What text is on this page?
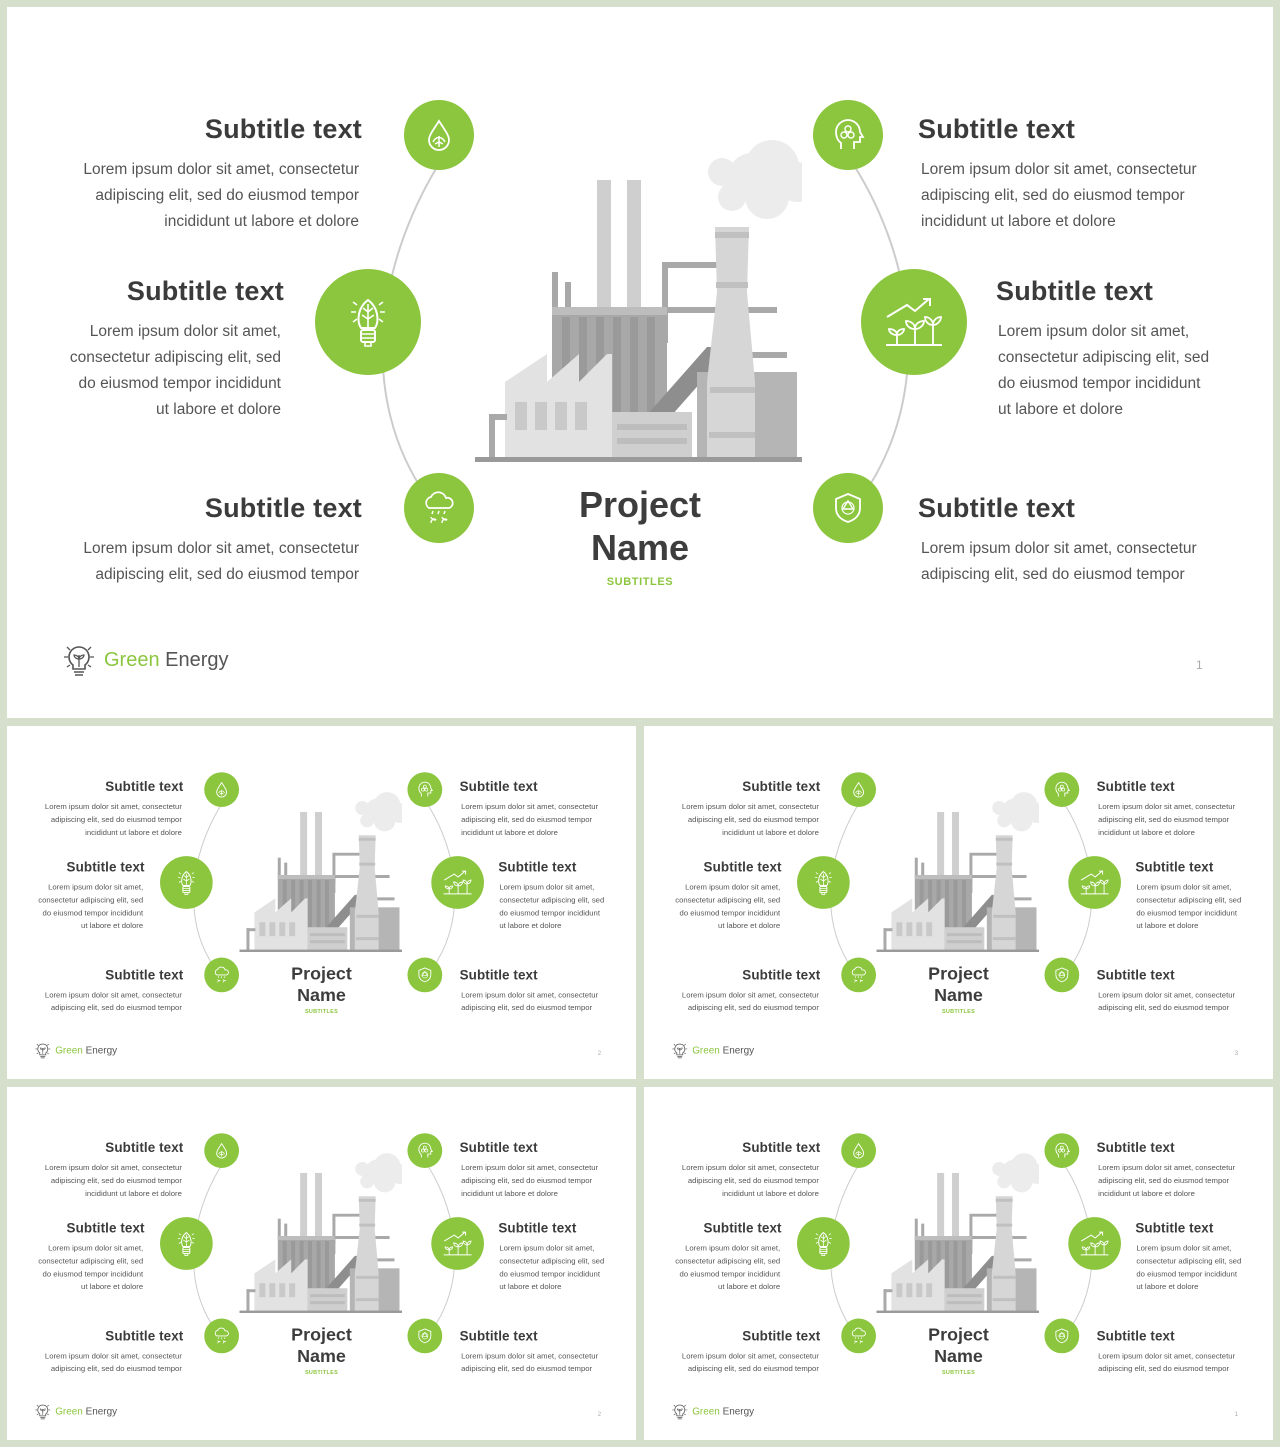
Subtitle text
Lorem ipsum dolor sit amet, consectetur adipiscing elit, sed do eiusmod tempor incididunt ut labore et dolore
Subtitle text
Lorem ipsum dolor sit amet, consectetur adipiscing elit, sed do eiusmod tempor incididunt ut labore et dolore
Subtitle text
Lorem ipsum dolor sit amet, consectetur adipiscing elit, sed do eiusmod tempor
Subtitle text
Lorem ipsum dolor sit amet, consectetur adipiscing elit, sed do eiusmod tempor incididunt ut labore et dolore
Subtitle text
Lorem ipsum dolor sit amet, consectetur adipiscing elit, sed do eiusmod tempor incididunt ut labore et dolore
Subtitle text
Lorem ipsum dolor sit amet, consectetur adipiscing elit, sed do eiusmod tempor
Project
Name
SUBTITLES
Green Energy	1
Subtitle text
Lorem ipsum dolor sit amet, consectetur adipiscing elit, sed do eiusmod tempor incididunt ut labore et dolore
Subtitle text
Lorem ipsum dolor sit amet, consectetur adipiscing elit, sed do eiusmod tempor incididunt ut labore et dolore
Subtitle text
Lorem ipsum dolor sit amet, consectetur adipiscing elit, sed do eiusmod tempor
Subtitle text
Lorem ipsum dolor sit amet, consectetur adipiscing elit, sed do eiusmod tempor incididunt ut labore et dolore
Subtitle text
Lorem ipsum dolor sit amet, consectetur adipiscing elit, sed do eiusmod tempor incididunt ut labore et dolore
Subtitle text
Lorem ipsum dolor sit amet, consectetur adipiscing elit, sed do eiusmod tempor
Project
Name
SUBTITLES
Green Energy	2
Subtitle text
Lorem ipsum dolor sit amet, consectetur adipiscing elit, sed do eiusmod tempor incididunt ut labore et dolore
Subtitle text
Lorem ipsum dolor sit amet, consectetur adipiscing elit, sed do eiusmod tempor incididunt ut labore et dolore
Subtitle text
Lorem ipsum dolor sit amet, consectetur adipiscing elit, sed do eiusmod tempor
Subtitle text
Lorem ipsum dolor sit amet, consectetur adipiscing elit, sed do eiusmod tempor incididunt ut labore et dolore
Subtitle text
Lorem ipsum dolor sit amet, consectetur adipiscing elit, sed do eiusmod tempor incididunt ut labore et dolore
Subtitle text
Lorem ipsum dolor sit amet, consectetur adipiscing elit, sed do eiusmod tempor
Project
Name
SUBTITLES
Green Energy	3
Subtitle text
Lorem ipsum dolor sit amet, consectetur adipiscing elit, sed do eiusmod tempor incididunt ut labore et dolore
Subtitle text
Lorem ipsum dolor sit amet, consectetur adipiscing elit, sed do eiusmod tempor incididunt ut labore et dolore
Subtitle text
Lorem ipsum dolor sit amet, consectetur adipiscing elit, sed do eiusmod tempor
Subtitle text
Lorem ipsum dolor sit amet, consectetur adipiscing elit, sed do eiusmod tempor incididunt ut labore et dolore
Subtitle text
Lorem ipsum dolor sit amet, consectetur adipiscing elit, sed do eiusmod tempor incididunt ut labore et dolore
Subtitle text
Lorem ipsum dolor sit amet, consectetur adipiscing elit, sed do eiusmod tempor
Project
Name
SUBTITLES
Green Energy	2
Subtitle text
Lorem ipsum dolor sit amet, consectetur adipiscing elit, sed do eiusmod tempor incididunt ut labore et dolore
Subtitle text
Lorem ipsum dolor sit amet, consectetur adipiscing elit, sed do eiusmod tempor incididunt ut labore et dolore
Subtitle text
Lorem ipsum dolor sit amet, consectetur adipiscing elit, sed do eiusmod tempor
Subtitle text
Lorem ipsum dolor sit amet, consectetur adipiscing elit, sed do eiusmod tempor incididunt ut labore et dolore
Subtitle text
Lorem ipsum dolor sit amet, consectetur adipiscing elit, sed do eiusmod tempor incididunt ut labore et dolore
Subtitle text
Lorem ipsum dolor sit amet, consectetur adipiscing elit, sed do eiusmod tempor
Project
Name
SUBTITLES
Green Energy	1
